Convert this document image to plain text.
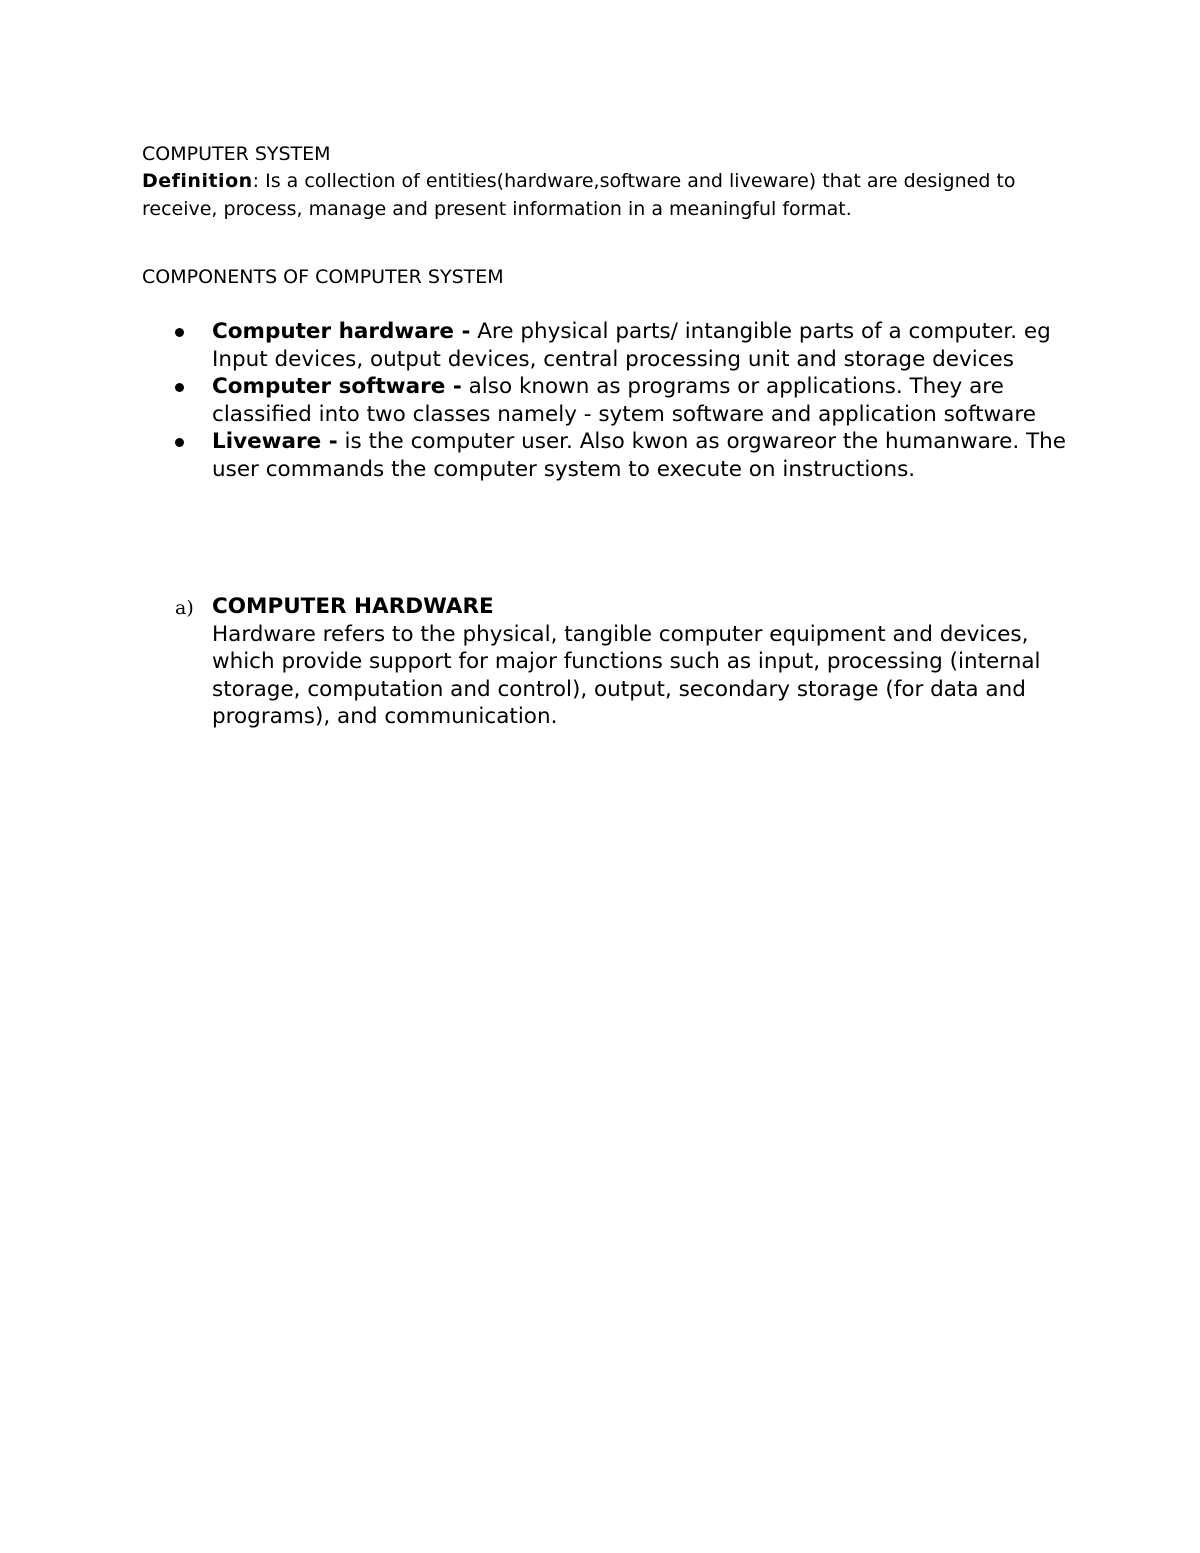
COMPUTER SYSTEM
Definition: Is a collection of entities(hardware,software and liveware) that are designed to receive, process, manage and present information in a meaningful format.
COMPONENTS OF COMPUTER SYSTEM
Computer hardware - Are physical parts/ intangible parts of a computer. eg Input devices, output devices, central processing unit and storage devices
Computer software - also known as programs or applications. They are classified into two classes namely - sytem software and application software
Liveware - is the computer user. Also kwon as orgwareor the humanware. The user commands the computer system to execute on instructions.
a) COMPUTER HARDWARE
Hardware refers to the physical, tangible computer equipment and devices, which provide support for major functions such as input, processing (internal storage, computation and control), output, secondary storage (for data and programs), and communication.
